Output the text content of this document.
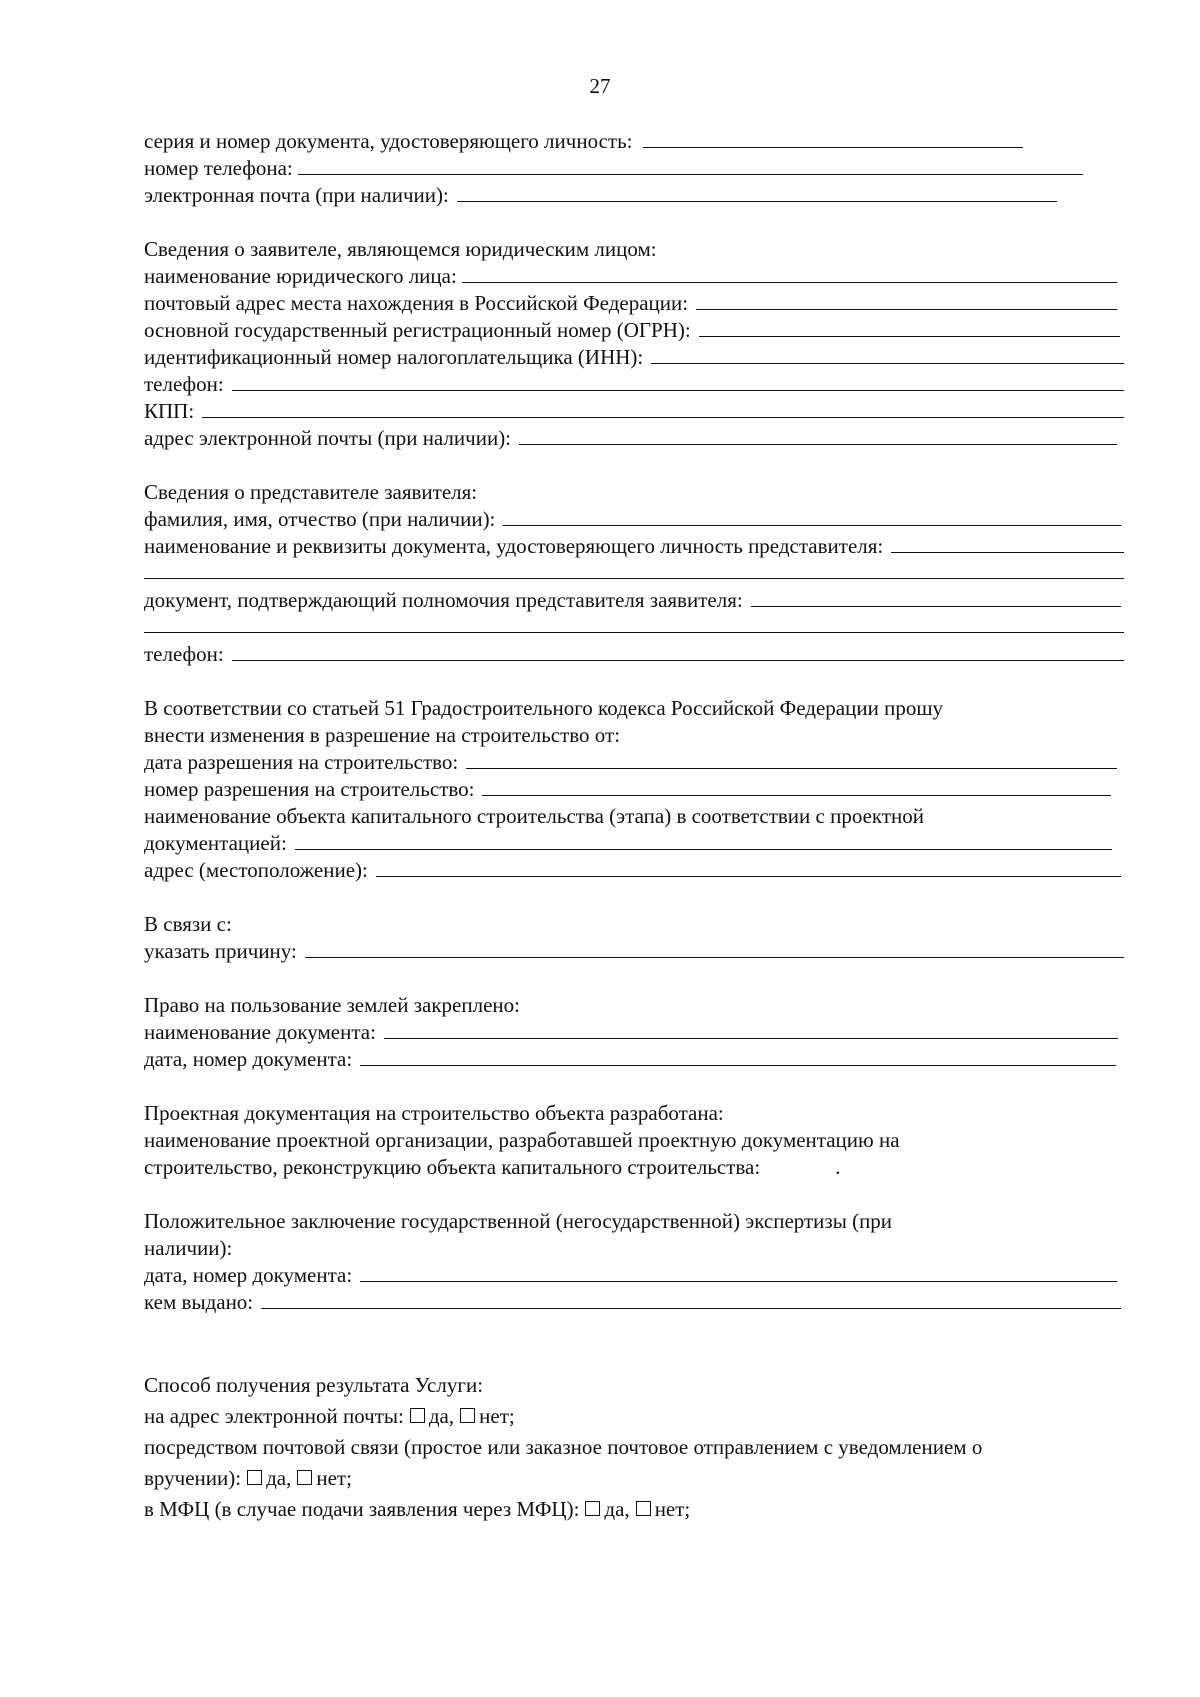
27
серия и номер документа, удостоверяющего личность:
номер телефона:
электронная почта (при наличии):
Сведения о заявителе, являющемся юридическим лицом:
наименование юридического лица:
почтовый адрес места нахождения в Российской Федерации:
основной государственный регистрационный номер (ОГРН):
идентификационный номер налогоплательщика (ИНН):
телефон:
КПП:
адрес электронной почты (при наличии):
Сведения о представителе заявителя:
фамилия, имя, отчество (при наличии):
наименование и реквизиты документа, удостоверяющего личность представителя:
документ, подтверждающий полномочия представителя заявителя:
телефон:
В соответствии со статьей 51 Градостроительного кодекса Российской Федерации прошу
внести изменения в разрешение на строительство от:
дата разрешения на строительство:
номер разрешения на строительство:
наименование объекта капитального строительства (этапа) в соответствии с проектной
документацией:
адрес (местоположение):
В связи с:
указать причину:
Право на пользование землей закреплено:
наименование документа:
дата, номер документа:
Проектная документация на строительство объекта разработана:
наименование проектной организации, разработавшей проектную документацию на
строительство, реконструкцию объекта капитального строительства:	.
Положительное заключение государственной (негосударственной) экспертизы (при
наличии):
дата, номер документа:
кем выдано:
Способ получения результата Услуги:
на адрес электронной почты: да, нет;
посредством почтовой связи (простое или заказное почтовое отправлением с уведомлением о
вручении): да, нет;
в МФЦ (в случае подачи заявления через МФЦ): да, нет;
